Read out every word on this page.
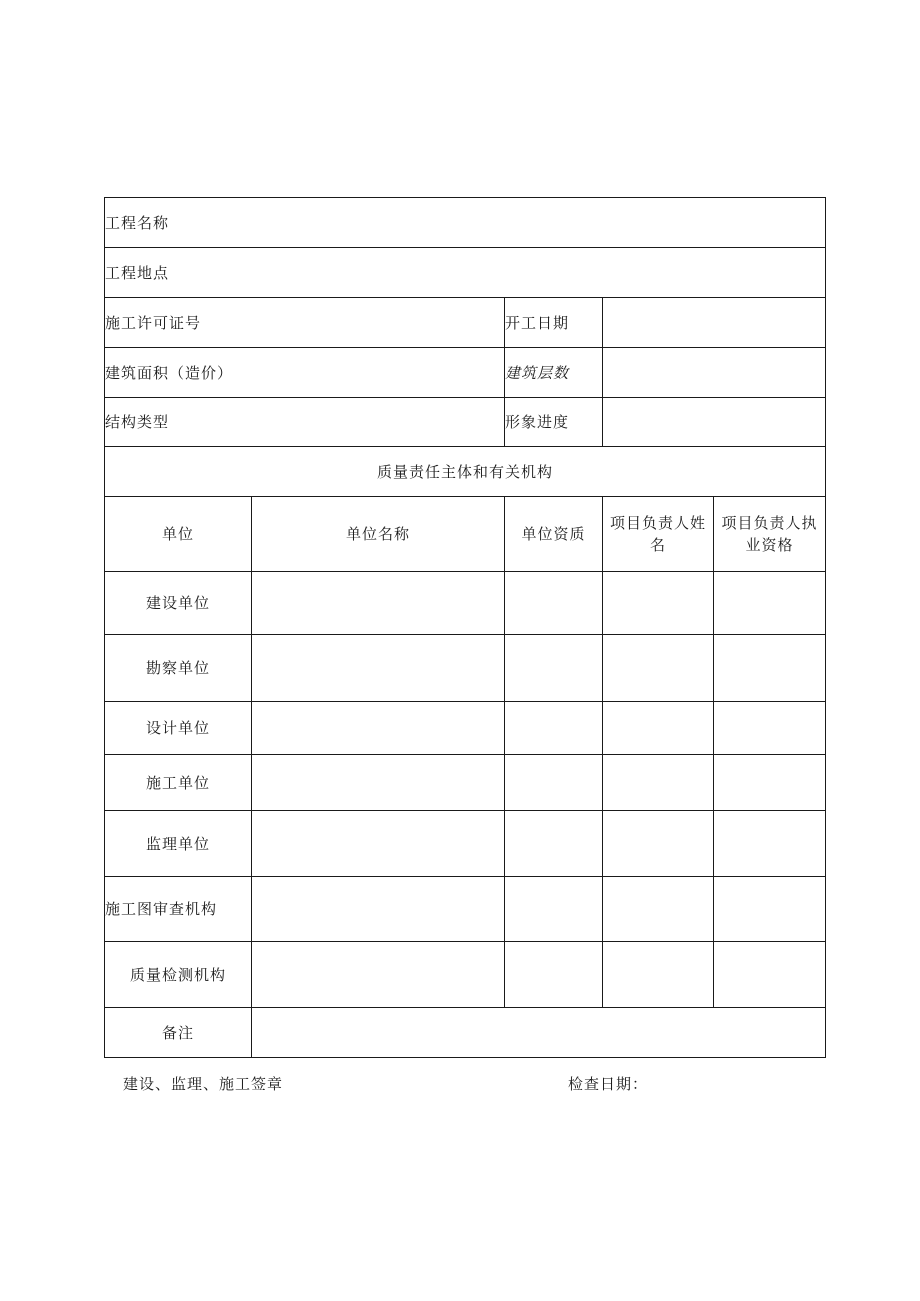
工程名称				
工程地点				
施工许可证号		开工日期		
建筑面积（造价）		建筑层数		
结构类型		形象进度		
质量责任主体和有关机构				
单位	单位名称	单位资质	项目负责人姓名	项目负责人执业资格
建设单位				
勘察单位				
设计单位				
施工单位				
监理单位				
施工图审查机构				
质量检测机构				
备注				
建设、监理、施工签章	检查日期：
